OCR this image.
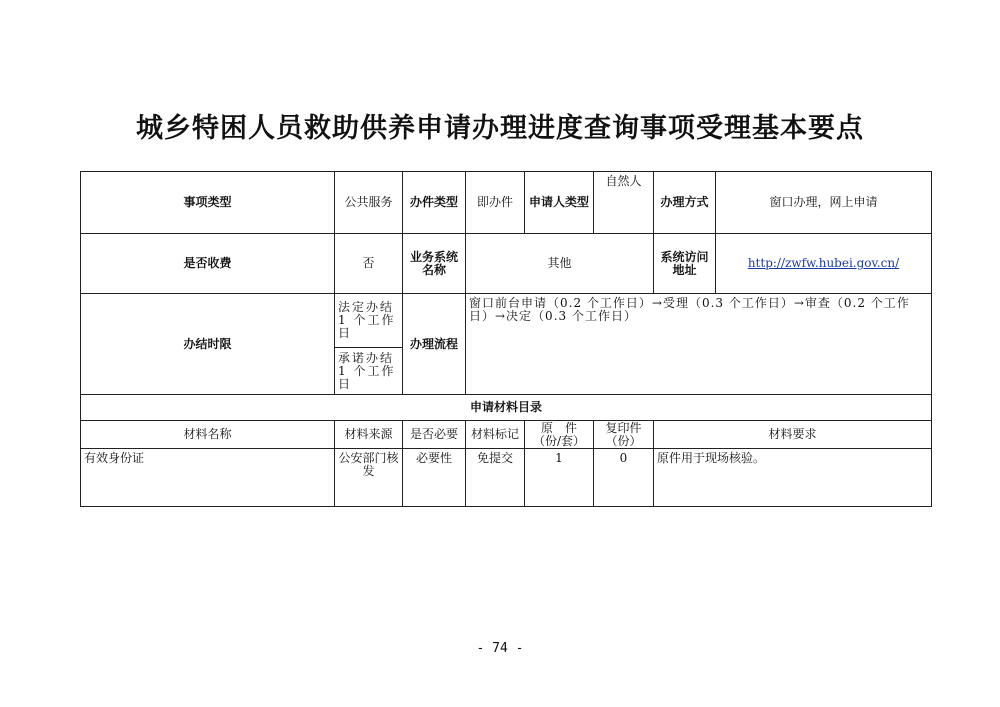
城乡特困人员救助供养申请办理进度查询事项受理基本要点
事项类型	公共服务	办件类型	即办件	申请人类型	自然人	办理方式	窗口办理，网上申请
是否收费	否	业务系统名称	其他			系统访问地址	http://zwfw.hubei.gov.cn/
办结时限	法定办结 1 个工作日	办理流程	窗口前台申请（0.2 个工作日）→受理（0.3 个工作日）→审查（0.2 个工作日）→决定（0.3 个工作日）				
	承诺办结 1 个工作日						
申请材料目录							
材料名称	材料来源	是否必要	材料标记	原　件（份/套）	复印件（份）	材料要求	
有效身份证	公安部门核发	必要性	免提交	1	0	原件用于现场核验。	
- 74 -
